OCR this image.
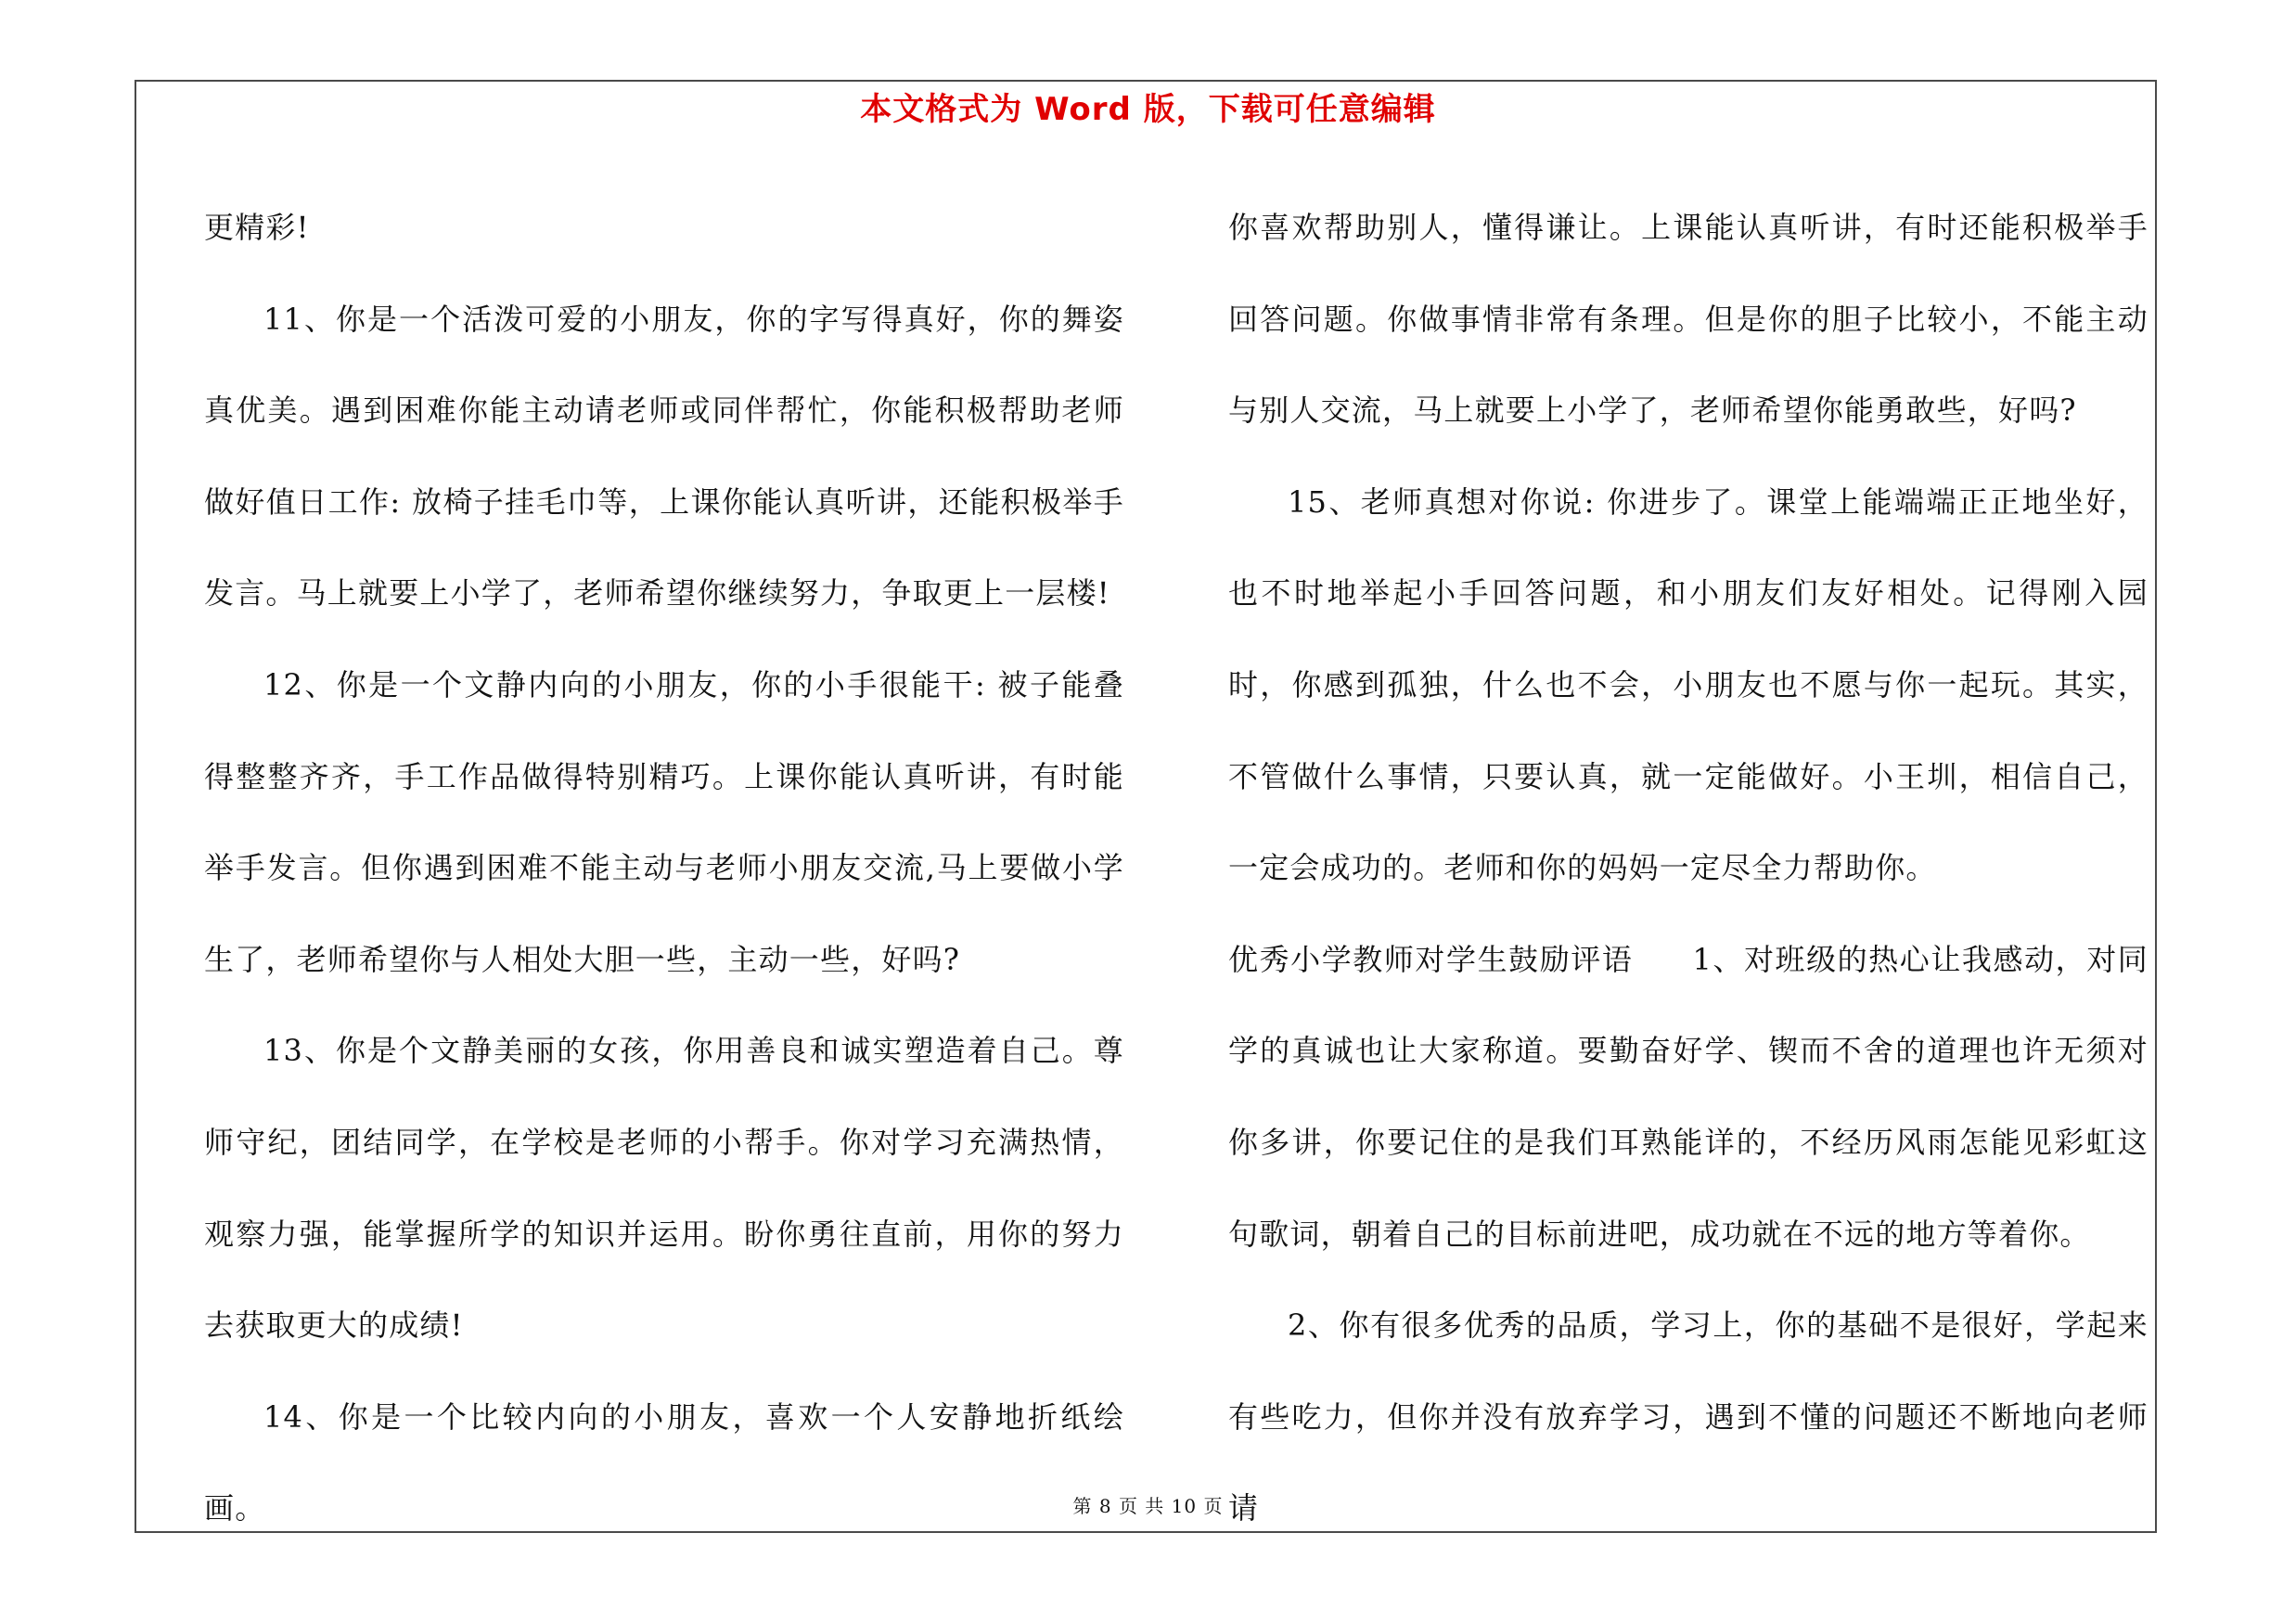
本文格式为 Word 版，下载可任意编辑

更精彩!

11、你是一个活泼可爱的小朋友，你的字写得真好，你的舞姿真优美。遇到困难你能主动请老师或同伴帮忙，你能积极帮助老师做好值日工作: 放椅子挂毛巾等，上课你能认真听讲，还能积极举手发言。马上就要上小学了，老师希望你继续努力，争取更上一层楼!

12、你是一个文静内向的小朋友，你的小手很能干: 被子能叠得整整齐齐，手工作品做得特别精巧。上课你能认真听讲，有时能举手发言。但你遇到困难不能主动与老师小朋友交流,马上要做小学生了，老师希望你与人相处大胆一些，主动一些，好吗?

13、你是个文静美丽的女孩，你用善良和诚实塑造着自己。尊师守纪，团结同学，在学校是老师的小帮手。你对学习充满热情，观察力强，能掌握所学的知识并运用。盼你勇往直前，用你的努力去获取更大的成绩!

14、你是一个比较内向的小朋友，喜欢一个人安静地折纸绘画。

你喜欢帮助别人，懂得谦让。上课能认真听讲，有时还能积极举手回答问题。你做事情非常有条理。但是你的胆子比较小，不能主动与别人交流，马上就要上小学了，老师希望你能勇敢些，好吗?

15、老师真想对你说: 你进步了。课堂上能端端正正地坐好，也不时地举起小手回答问题，和小朋友们友好相处。记得刚入园时，你感到孤独，什么也不会，小朋友也不愿与你一起玩。其实，不管做什么事情，只要认真，就一定能做好。小王圳，相信自己，一定会成功的。老师和你的妈妈一定尽全力帮助你。

优秀小学教师对学生鼓励评语 1、对班级的热心让我感动，对同学的真诚也让大家称道。要勤奋好学、锲而不舍的道理也许无须对你多讲，你要记住的是我们耳熟能详的，不经历风雨怎能见彩虹这句歌词，朝着自己的目标前进吧，成功就在不远的地方等着你。

2、你有很多优秀的品质，学习上，你的基础不是很好，学起来有些吃力，但你并没有放弃学习，遇到不懂的问题还不断地向老师请

第 8 页 共 10 页
